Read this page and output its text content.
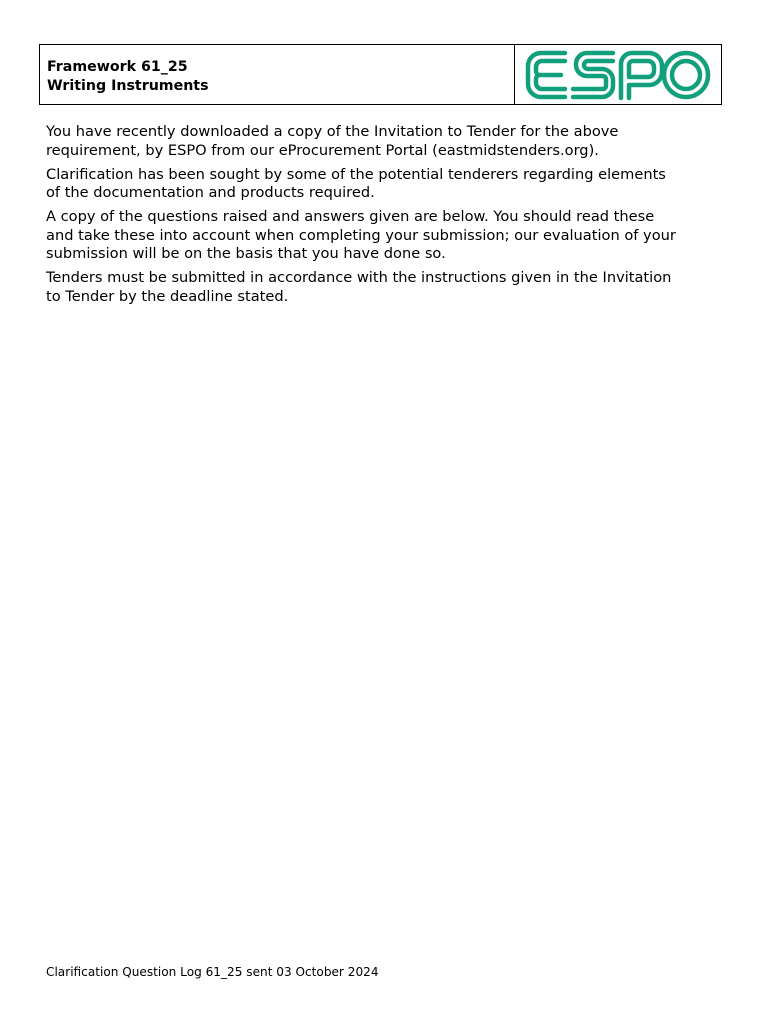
Framework 61_25
Writing Instruments

You have recently downloaded a copy of the Invitation to Tender for the above
requirement, by ESPO from our eProcurement Portal (eastmidstenders.org).

Clarification has been sought by some of the potential tenderers regarding elements
of the documentation and products required.

A copy of the questions raised and answers given are below. You should read these
and take these into account when completing your submission; our evaluation of your
submission will be on the basis that you have done so.

Tenders must be submitted in accordance with the instructions given in the Invitation
to Tender by the deadline stated.

Clarification Question Log 61_25 sent 03 October 2024
